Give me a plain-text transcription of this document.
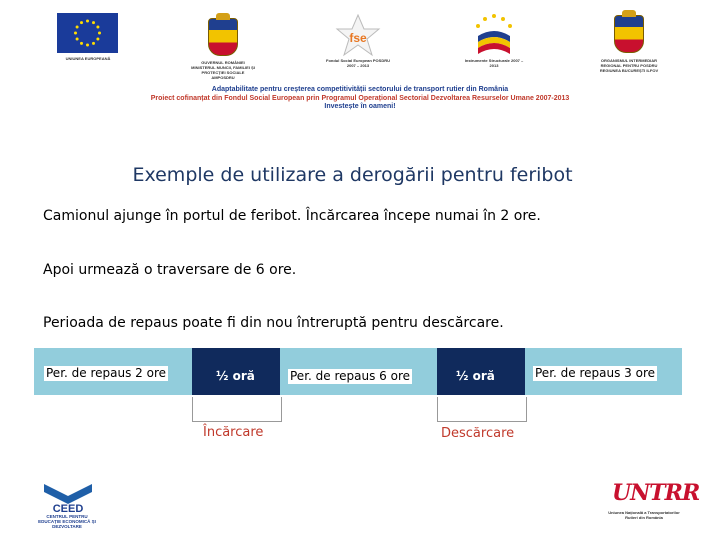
UNIUNEA EUROPEANĂ
GUVERNUL ROMÂNIEI MINISTERUL MUNCII, FAMILIEI ȘI PROTECȚIEI SOCIALE AMPOSDRU
fse
Fondul Social European POSDRU 2007 – 2013
Instrumente Structurale 2007 – 2013
ORGANISMUL INTERMEDIAR REGIONAL PENTRU POSDRU REGIUNEA BUCUREȘTI ILFOV
Adaptabilitate pentru creșterea competitivității sectorului de transport rutier din România
Proiect cofinanțat din Fondul Social European prin Programul Operațional Sectorial Dezvoltarea Resurselor Umane 2007-2013
Investește în oameni!
Exemple de utilizare a derogării pentru feribot
Camionul ajunge în portul de feribot. Încărcarea începe numai în 2 ore.
Apoi urmează o traversare de 6 ore.
Perioada de repaus poate fi din nou întreruptă pentru descărcare.
Per. de repaus 2 ore	½ oră	Per. de repaus 6 ore	½ oră	Per. de repaus 3 ore
Încărcare	Descărcare
CEED
CENTRUL PENTRU EDUCAȚIE ECONOMICĂ ȘI DEZVOLTARE
UNTRR
Uniunea Națională a Transportatorilor Rutieri din România
